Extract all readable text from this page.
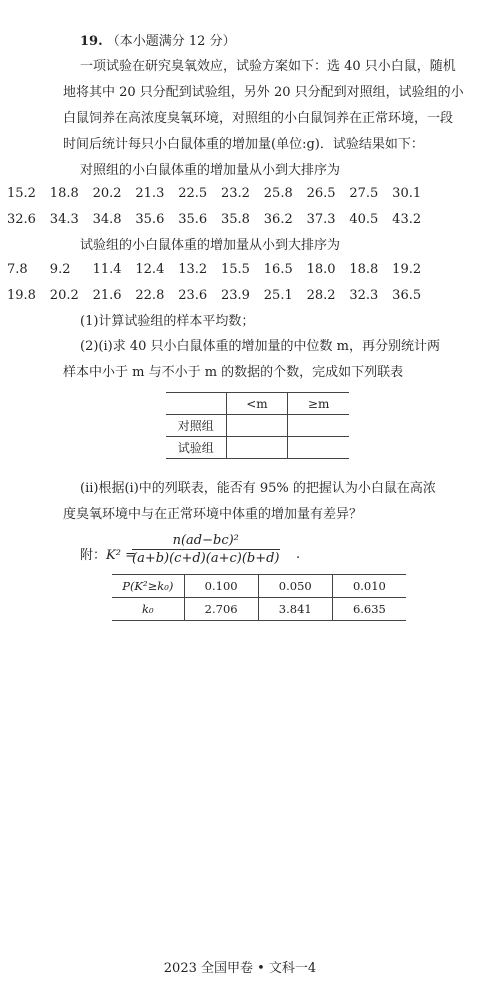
19. （本小题满分 12 分）
一项试验在研究臭氧效应，试验方案如下：选 40 只小白鼠，随机
地将其中 20 只分配到试验组，另外 20 只分配到对照组，试验组的小
白鼠饲养在高浓度臭氧环境，对照组的小白鼠饲养在正常环境，一段
时间后统计每只小白鼠体重的增加量(单位:g)．试验结果如下：
对照组的小白鼠体重的增加量从小到大排序为
15.2	18.8	20.2	21.3	22.5	23.2	25.8	26.5	27.5	30.1
32.6	34.3	34.8	35.6	35.6	35.8	36.2	37.3	40.5	43.2
试验组的小白鼠体重的增加量从小到大排序为
7.8	9.2	11.4	12.4	13.2	15.5	16.5	18.0	18.8	19.2
19.8	20.2	21.6	22.8	23.6	23.9	25.1	28.2	32.3	36.5
(1)计算试验组的样本平均数；
(2)(ⅰ)求 40 只小白鼠体重的增加量的中位数 m，再分别统计两
样本中小于 m 与不小于 m 的数据的个数，完成如下列联表
	<m	≥m
对照组		
试验组		
(ⅱ)根据(ⅰ)中的列联表，能否有 95% 的把握认为小白鼠在高浓
度臭氧环境中与在正常环境中体重的增加量有差异？
附：K² =
$\frac{\text{n(ad−bc)²}}{(a+b)(c+d)(a+c)(b+d)}$ .
P(K²≥k₀)	0.100	0.050	0.010
k₀	2.706	3.841	6.635
2023 全国甲卷 • 文科一4
